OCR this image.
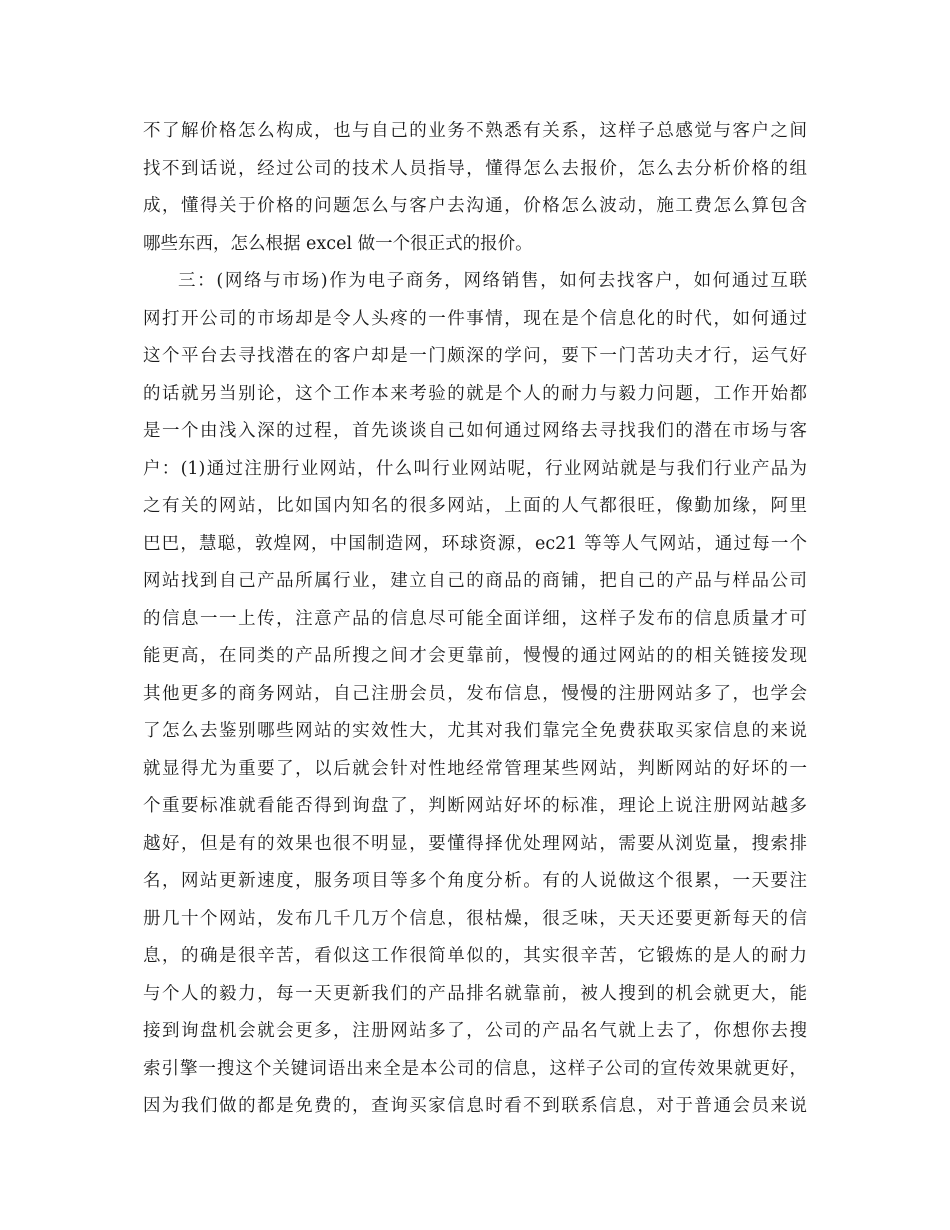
不了解价格怎么构成，也与自己的业务不熟悉有关系，这样子总感觉与客户之间
找不到话说，经过公司的技术人员指导，懂得怎么去报价，怎么去分析价格的组
成，懂得关于价格的问题怎么与客户去沟通，价格怎么波动，施工费怎么算包含
哪些东西，怎么根据 excel 做一个很正式的报价。
三：(网络与市场)作为电子商务，网络销售，如何去找客户，如何通过互联
网打开公司的市场却是令人头疼的一件事情，现在是个信息化的时代，如何通过
这个平台去寻找潜在的客户却是一门颇深的学问，要下一门苦功夫才行，运气好
的话就另当别论，这个工作本来考验的就是个人的耐力与毅力问题，工作开始都
是一个由浅入深的过程，首先谈谈自己如何通过网络去寻找我们的潜在市场与客
户：(1)通过注册行业网站，什么叫行业网站呢，行业网站就是与我们行业产品为
之有关的网站，比如国内知名的很多网站，上面的人气都很旺，像勤加缘，阿里
巴巴，慧聪，敦煌网，中国制造网，环球资源，ec21 等等人气网站，通过每一个
网站找到自己产品所属行业，建立自己的商品的商铺，把自己的产品与样品公司
的信息一一上传，注意产品的信息尽可能全面详细，这样子发布的信息质量才可
能更高，在同类的产品所搜之间才会更靠前，慢慢的通过网站的的相关链接发现
其他更多的商务网站，自己注册会员，发布信息，慢慢的注册网站多了，也学会
了怎么去鉴别哪些网站的实效性大，尤其对我们靠完全免费获取买家信息的来说
就显得尤为重要了，以后就会针对性地经常管理某些网站，判断网站的好坏的一
个重要标准就看能否得到询盘了，判断网站好坏的标准，理论上说注册网站越多
越好，但是有的效果也很不明显，要懂得择优处理网站，需要从浏览量，搜索排
名，网站更新速度，服务项目等多个角度分析。有的人说做这个很累，一天要注
册几十个网站，发布几千几万个信息，很枯燥，很乏味，天天还要更新每天的信
息，的确是很辛苦，看似这工作很简单似的，其实很辛苦，它锻炼的是人的耐力
与个人的毅力，每一天更新我们的产品排名就靠前，被人搜到的机会就更大，能
接到询盘机会就会更多，注册网站多了，公司的产品名气就上去了，你想你去搜
索引擎一搜这个关键词语出来全是本公司的信息，这样子公司的宣传效果就更好，
因为我们做的都是免费的，查询买家信息时看不到联系信息，对于普通会员来说
